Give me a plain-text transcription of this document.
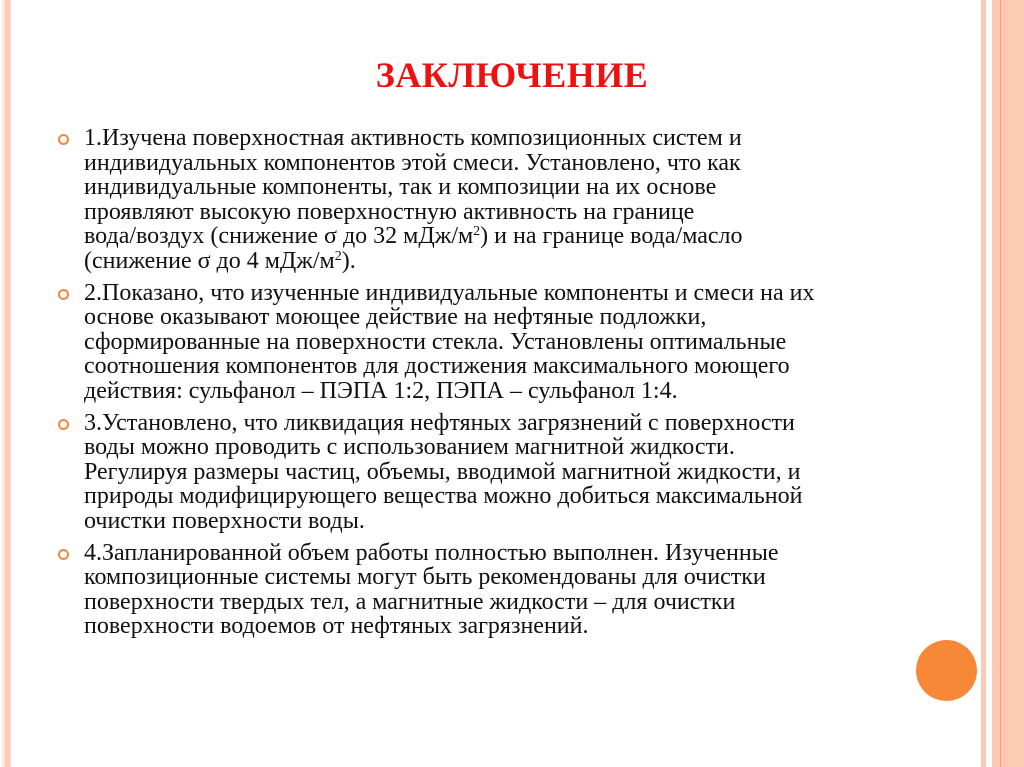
ЗАКЛЮЧЕНИЕ
1.Изучена поверхностная активность композиционных систем и
индивидуальных компонентов этой смеси. Установлено, что как
индивидуальные компоненты, так и композиции на их основе
проявляют высокую поверхностную активность на границе
вода/воздух (снижение σ до 32 мДж/$м^2$) и на границе вода/масло
(снижение σ до 4 мДж/$м^2$).
2.Показано, что изученные индивидуальные компоненты и смеси на их
основе оказывают моющее действие на нефтяные подложки,
сформированные на поверхности стекла. Установлены оптимальные
соотношения компонентов для достижения максимального моющего
действия: сульфанол – ПЭПА 1:2, ПЭПА – сульфанол 1:4.
3.Установлено, что ликвидация нефтяных загрязнений с поверхности
воды можно проводить с использованием магнитной жидкости.
Регулируя размеры частиц, объемы, вводимой магнитной жидкости, и
природы модифицирующего вещества можно добиться максимальной
очистки поверхности воды.
4.Запланированной объем работы полностью выполнен. Изученные
композиционные системы могут быть рекомендованы для очистки
поверхности твердых тел, а магнитные жидкости – для очистки
поверхности водоемов от нефтяных загрязнений.
